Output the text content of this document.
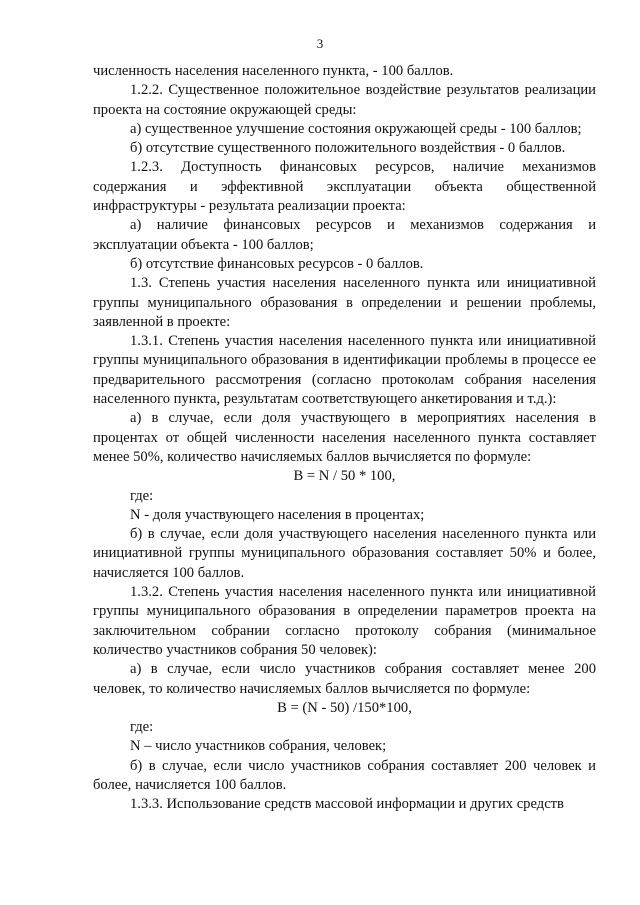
3

численность населения населенного пункта, - 100 баллов.

1.2.2. Существенное положительное воздействие результатов реализации проекта на состояние окружающей среды:

а) существенное улучшение состояния окружающей среды - 100 баллов;

б) отсутствие существенного положительного воздействия - 0 баллов.

1.2.3. Доступность финансовых ресурсов, наличие механизмов содержания и эффективной эксплуатации объекта общественной инфраструктуры - результата реализации проекта:

а) наличие финансовых ресурсов и механизмов содержания и эксплуатации объекта - 100 баллов;

б) отсутствие финансовых ресурсов - 0 баллов.

1.3. Степень участия населения населенного пункта или инициативной группы муниципального образования в определении и решении проблемы, заявленной в проекте:

1.3.1. Степень участия населения населенного пункта или инициативной группы муниципального образования в идентификации проблемы в процессе ее предварительного рассмотрения (согласно протоколам собрания населения населенного пункта, результатам соответствующего анкетирования и т.д.):

а) в случае, если доля участвующего в мероприятиях населения в процентах от общей численности населения населенного пункта составляет менее 50%, количество начисляемых баллов вычисляется по формуле:

B = N / 50 * 100,

где:

N - доля участвующего населения в процентах;

б) в случае, если доля участвующего населения населенного пункта или инициативной группы муниципального образования составляет 50% и более, начисляется 100 баллов.

1.3.2. Степень участия населения населенного пункта или инициативной группы муниципального образования в определении параметров проекта на заключительном собрании согласно протоколу собрания (минимальное количество участников собрания 50 человек):

а) в случае, если число участников собрания составляет менее 200 человек, то количество начисляемых баллов вычисляется по формуле:

B = (N - 50) /150*100,

где:

N – число участников собрания, человек;

б) в случае, если число участников собрания составляет 200 человек и более, начисляется 100 баллов.

1.3.3. Использование средств массовой информации и других средств
